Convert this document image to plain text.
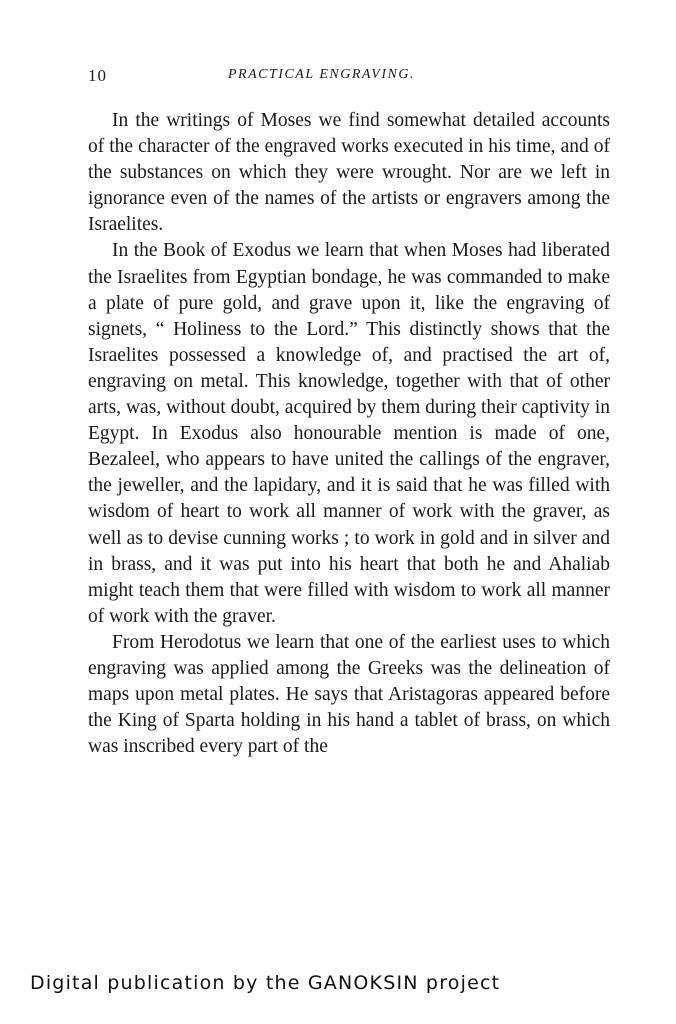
10	PRACTICAL ENGRAVING.

In the writings of Moses we find somewhat detailed accounts of the character of the engraved works executed in his time, and of the substances on which they were wrought. Nor are we left in ignorance even of the names of the artists or engravers among the Israelites.

In the Book of Exodus we learn that when Moses had liberated the Israelites from Egyptian bondage, he was commanded to make a plate of pure gold, and grave upon it, like the engraving of signets, “ Holiness to the Lord.” This distinctly shows that the Israelites possessed a knowledge of, and practised the art of, engraving on metal. This knowledge, together with that of other arts, was, without doubt, acquired by them during their captivity in Egypt. In Exodus also honourable mention is made of one, Bezaleel, who appears to have united the callings of the engraver, the jeweller, and the lapidary, and it is said that he was filled with wisdom of heart to work all manner of work with the graver, as well as to devise cunning works ; to work in gold and in silver and in brass, and it was put into his heart that both he and Ahaliab might teach them that were filled with wisdom to work all manner of work with the graver.

From Herodotus we learn that one of the earliest uses to which engraving was applied among the Greeks was the delineation of maps upon metal plates. He says that Aristagoras appeared before the King of Sparta holding in his hand a tablet of brass, on which was inscribed every part of the

Digital publication by the GANOKSIN project
